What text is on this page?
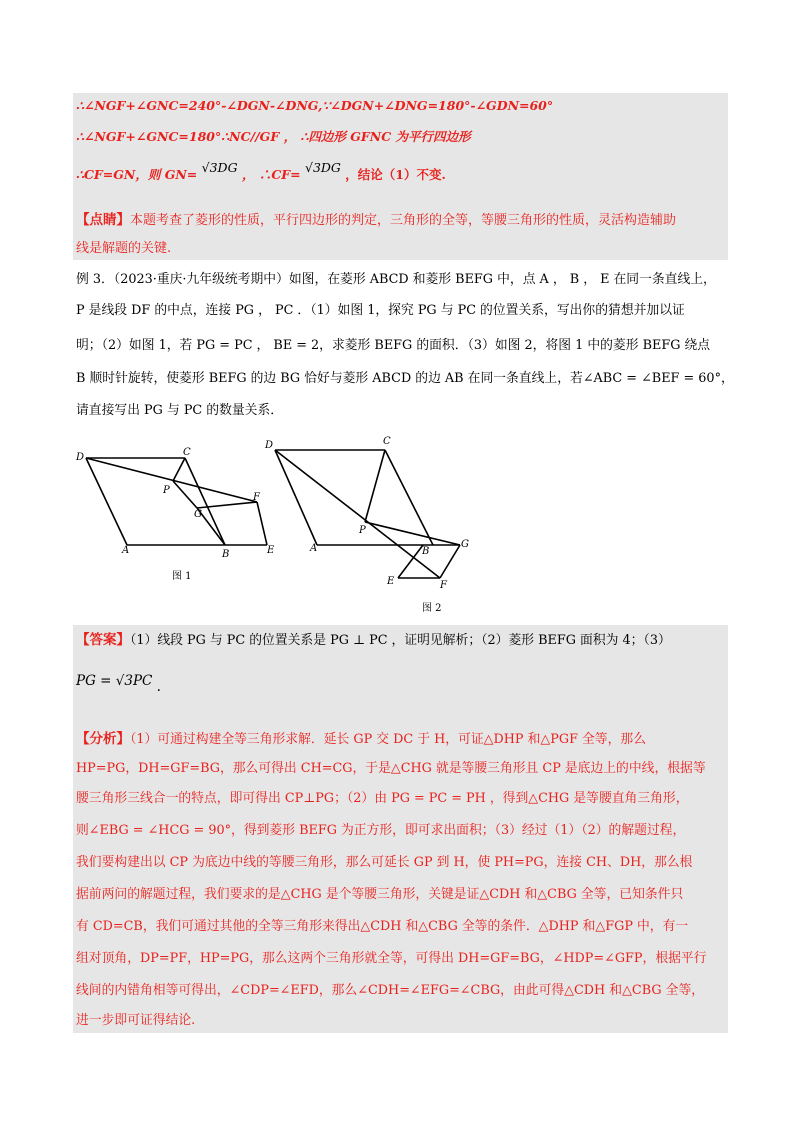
∴∠NGF+∠GNC=240°-∠DGN-∠DNG,∵∠DGN+∠DNG=180°-∠GDN=60°
∴∠NGF+∠GNC=180°∴NC//GF ， ∴四边形 GFNC 为平行四边形
∴CF=GN，则 GN= √3DG ， ∴CF= √3DG ，结论（1）不变.
【点睛】本题考查了菱形的性质，平行四边形的判定，三角形的全等，等腰三角形的性质，灵活构造辅助
线是解题的关键.
例 3．（2023·重庆·九年级统考期中）如图，在菱形 ABCD 和菱形 BEFG 中，点 A ， B ， E 在同一条直线上，
P 是线段 DF 的中点，连接 PG ， PC ．（1）如图 1，探究 PG 与 PC 的位置关系，写出你的猜想并加以证
明；（2）如图 1，若 PG = PC ， BE = 2，求菱形 BEFG 的面积．（3）如图 2，将图 1 中的菱形 BEFG 绕点
B 顺时针旋转，使菱形 BEFG 的边 BG 恰好与菱形 ABCD 的边 AB 在同一条直线上，若∠ABC = ∠BEF = 60°，
请直接写出 PG 与 PC 的数量关系．
D	C
P
F
G
A	B	E
图 1
D	C
P
B
G
A
E	F
图 2
【答案】（1）线段 PG 与 PC 的位置关系是 PG ⊥ PC ，证明见解析；（2）菱形 BEFG 面积为 4；（3）
PG = √3PC .
【分析】（1）可通过构建全等三角形求解．延长 GP 交 DC 于 H，可证△DHP 和△PGF 全等，那么
HP=PG，DH=GF=BG，那么可得出 CH=CG，于是△CHG 就是等腰三角形且 CP 是底边上的中线，根据等
腰三角形三线合一的特点，即可得出 CP⊥PG；（2）由 PG = PC = PH ，得到△CHG 是等腰直角三角形，
则∠EBG = ∠HCG = 90°，得到菱形 BEFG 为正方形，即可求出面积；（3）经过（1）（2）的解题过程，
我们要构建出以 CP 为底边中线的等腰三角形，那么可延长 GP 到 H，使 PH=PG，连接 CH、DH，那么根
据前两问的解题过程，我们要求的是△CHG 是个等腰三角形，关键是证△CDH 和△CBG 全等，已知条件只
有 CD=CB，我们可通过其他的全等三角形来得出△CDH 和△CBG 全等的条件．△DHP 和△FGP 中，有一
组对顶角，DP=PF，HP=PG，那么这两个三角形就全等，可得出 DH=GF=BG，∠HDP=∠GFP，根据平行
线间的内错角相等可得出，∠CDP=∠EFD，那么∠CDH=∠EFG=∠CBG，由此可得△CDH 和△CBG 全等，
进一步即可证得结论.
